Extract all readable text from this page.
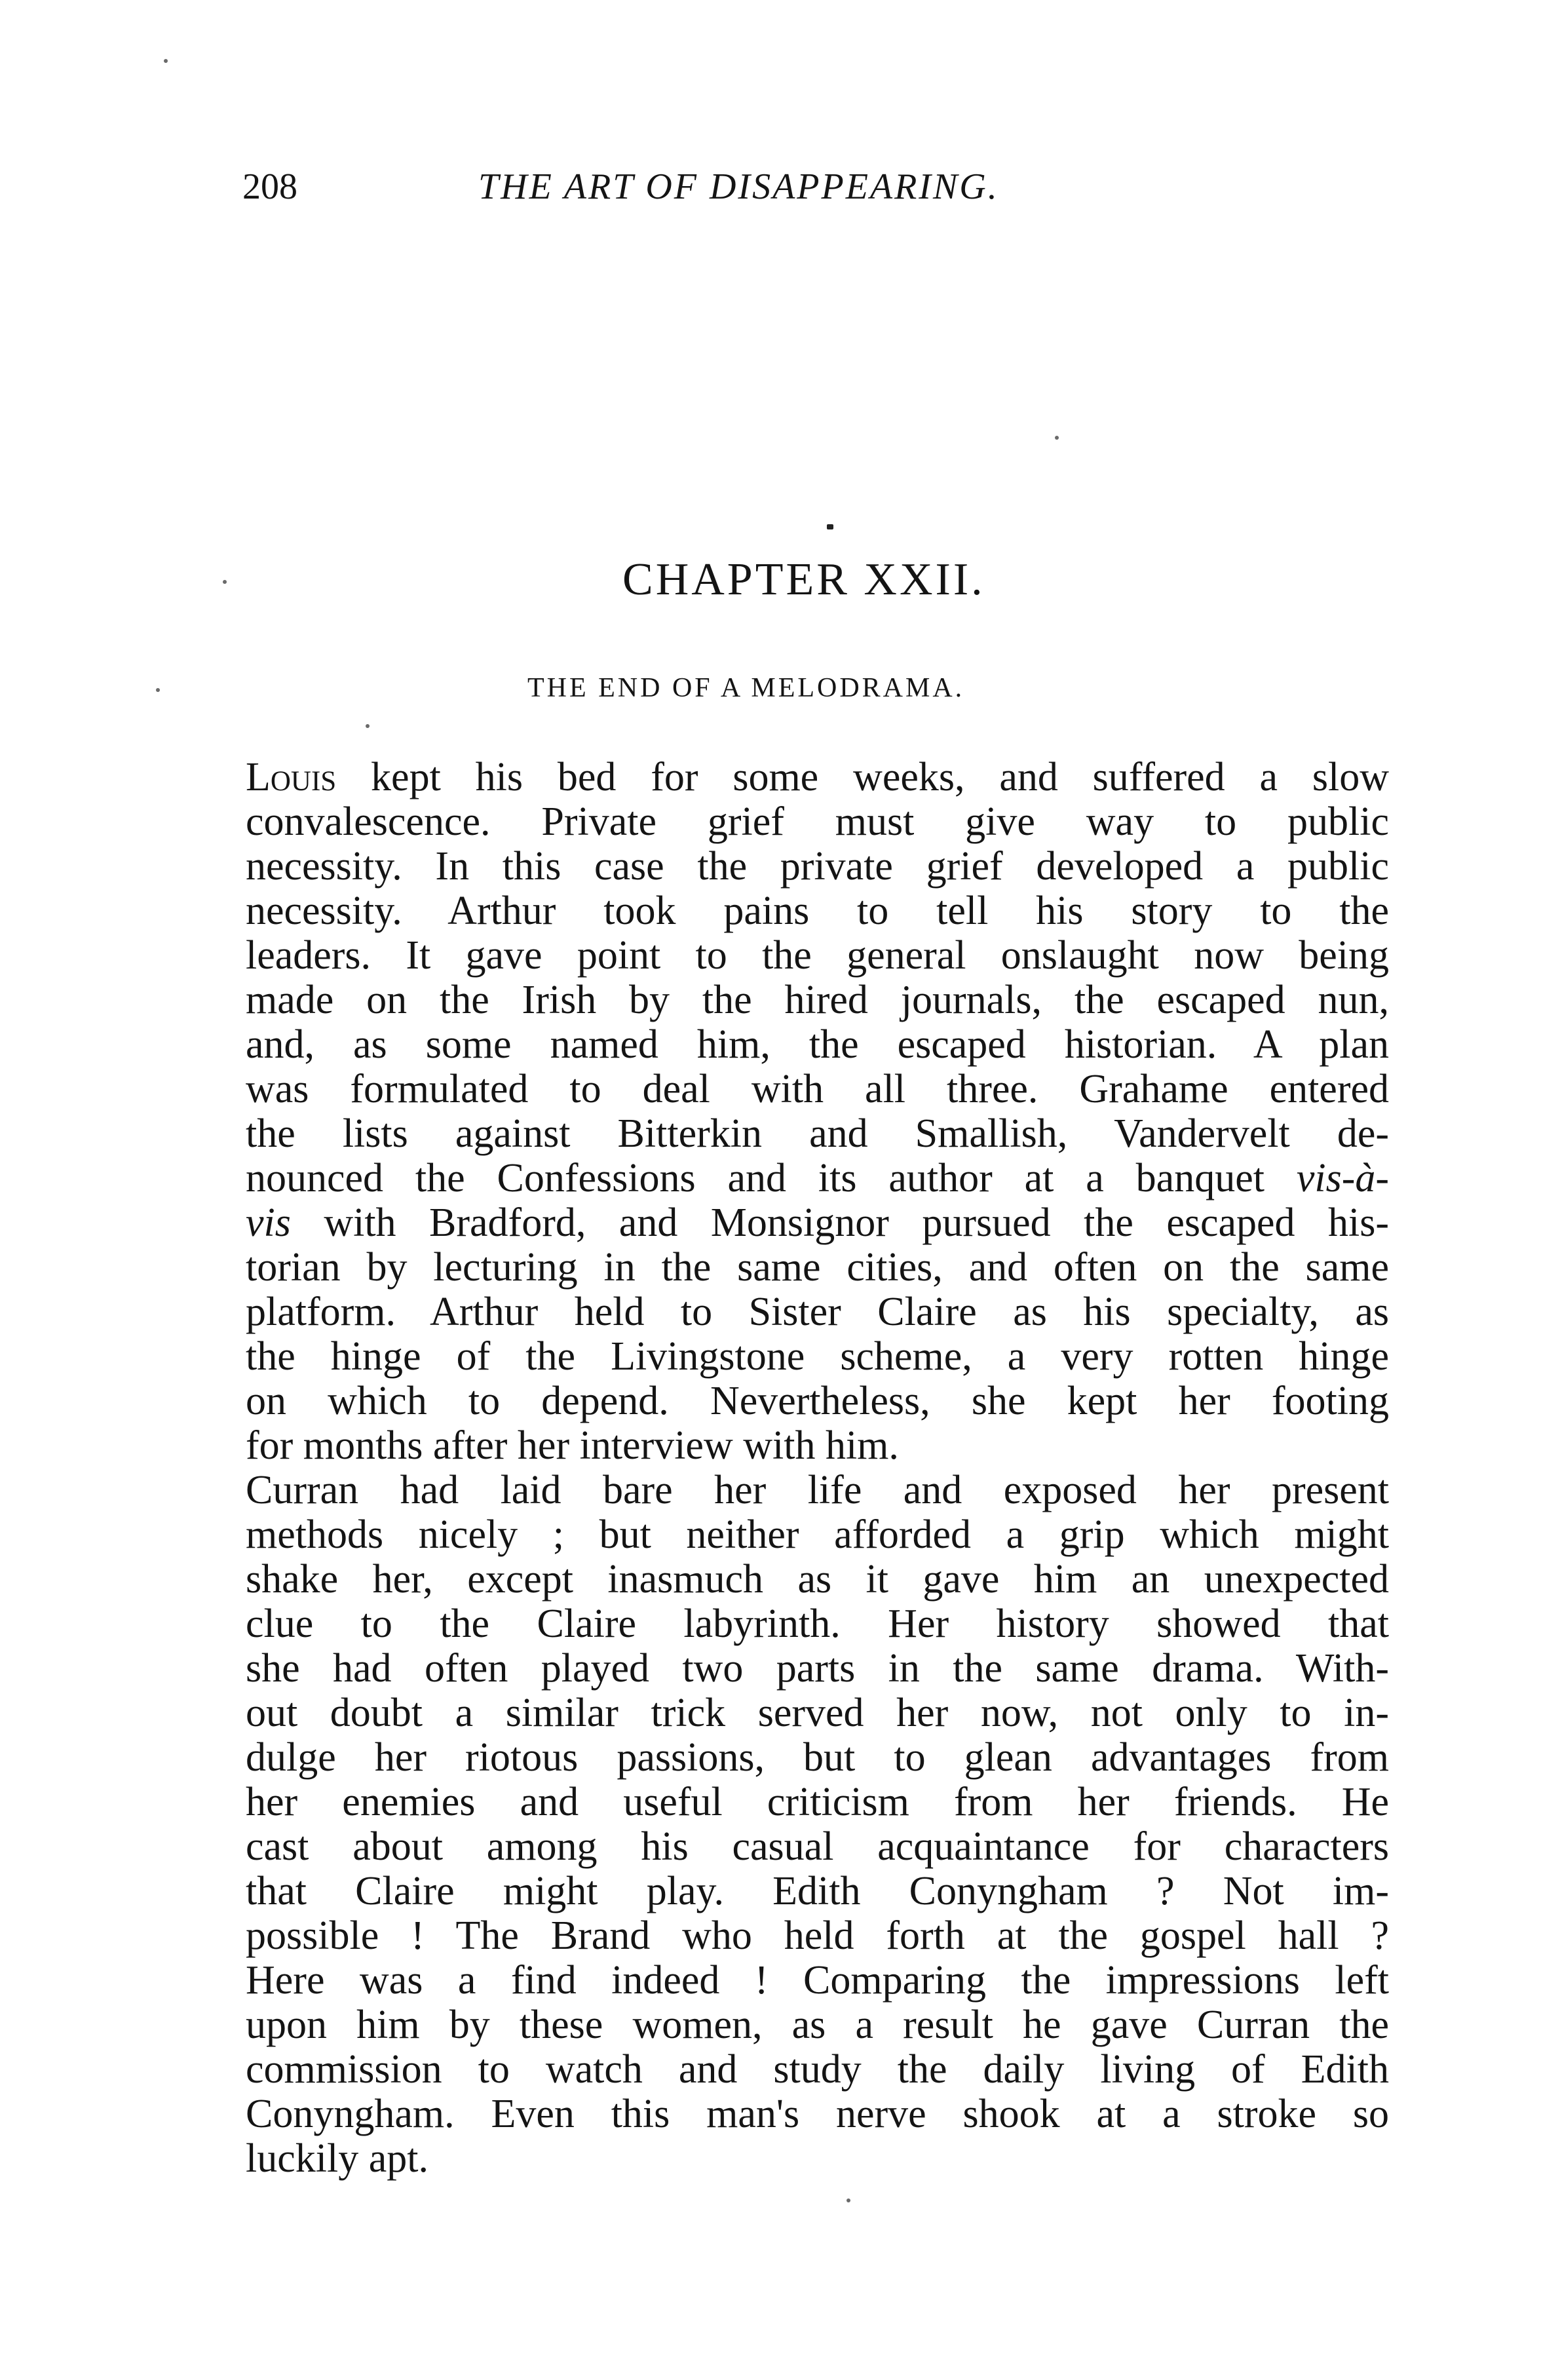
208	THE ART OF DISAPPEARING.
CHAPTER XXII.
THE END OF A MELODRAMA.
Louis kept his bed for some weeks, and suffered a slow
convalescence. Private grief must give way to public
necessity. In this case the private grief developed a public
necessity. Arthur took pains to tell his story to the
leaders. It gave point to the general onslaught now being
made on the Irish by the hired journals, the escaped nun,
and, as some named him, the escaped historian. A plan
was formulated to deal with all three. Grahame entered
the lists against Bitterkin and Smallish, Vandervelt de-
nounced the Confessions and its author at a banquet vis-à-
vis with Bradford, and Monsignor pursued the escaped his-
torian by lecturing in the same cities, and often on the same
platform. Arthur held to Sister Claire as his specialty, as
the hinge of the Livingstone scheme, a very rotten hinge
on which to depend. Nevertheless, she kept her footing
for months after her interview with him.
Curran had laid bare her life and exposed her present
methods nicely ; but neither afforded a grip which might
shake her, except inasmuch as it gave him an unexpected
clue to the Claire labyrinth. Her history showed that
she had often played two parts in the same drama. With-
out doubt a similar trick served her now, not only to in-
dulge her riotous passions, but to glean advantages from
her enemies and useful criticism from her friends. He
cast about among his casual acquaintance for characters
that Claire might play. Edith Conyngham ? Not im-
possible ! The Brand who held forth at the gospel hall ?
Here was a find indeed ! Comparing the impressions left
upon him by these women, as a result he gave Curran the
commission to watch and study the daily living of Edith
Conyngham. Even this man's nerve shook at a stroke so
luckily apt.
